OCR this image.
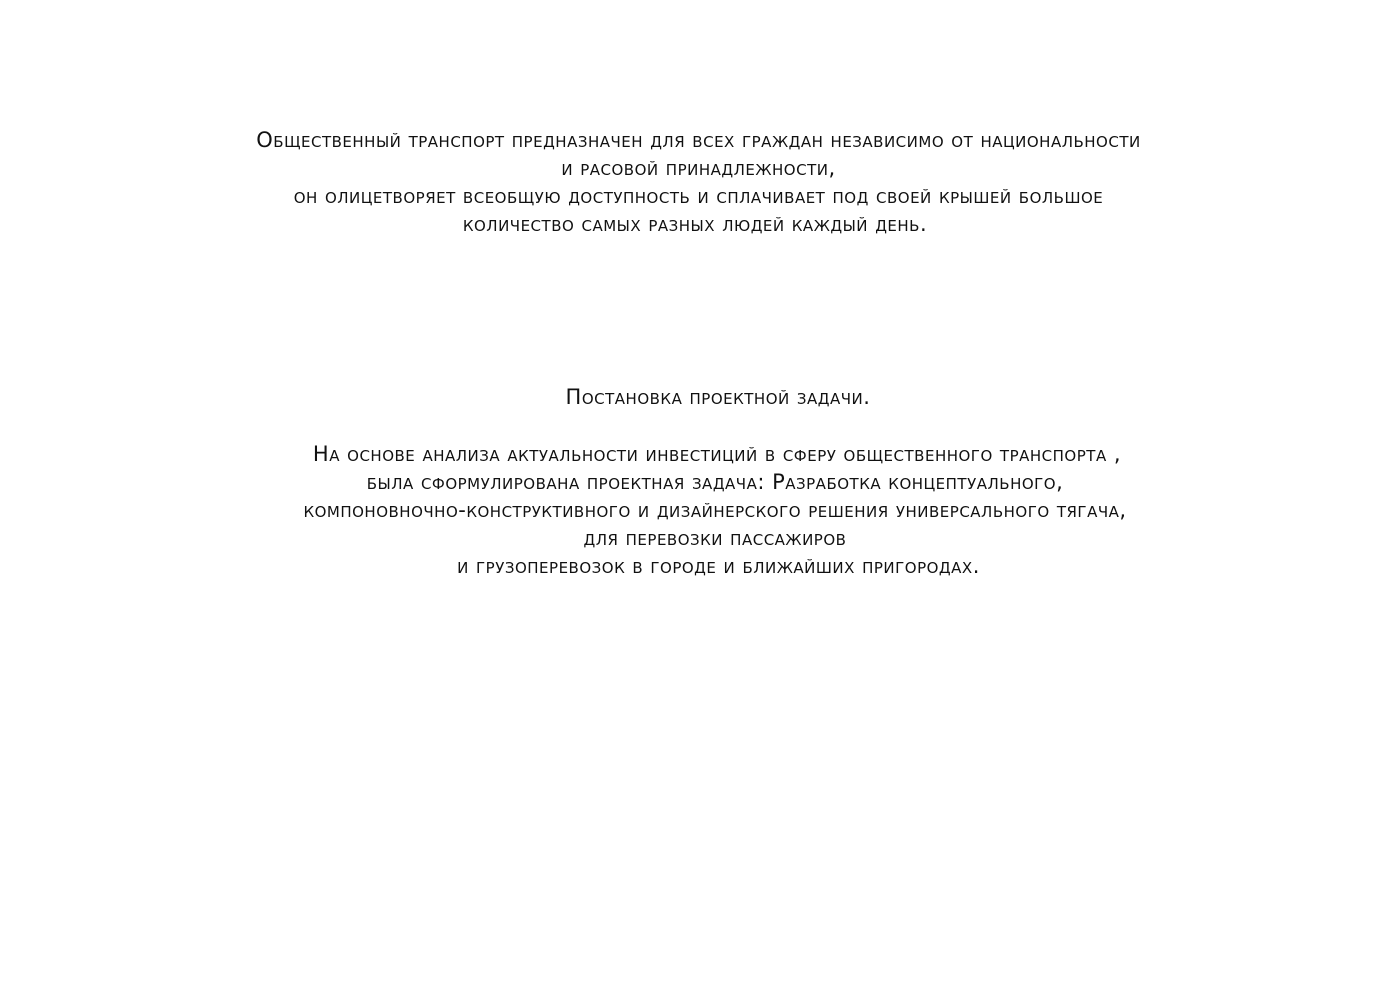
Общественный транспорт предназначен для всех граждан независимо от национальности
и расовой принадлежности,
он олицетворяет всеобщую доступность и сплачивает под своей крышей большое
количество самых разных людей каждый день.
Постановка проектной задачи.
На основе анализа актуальности инвестиций в сферу общественного транспорта ,
была сформулирована проектная задача: Разработка концептуального,
компоновночно-конструктивного и дизайнерского решения универсального тягача,
для перевозки пассажиров
и грузоперевозок в городе и ближайших пригородах.
